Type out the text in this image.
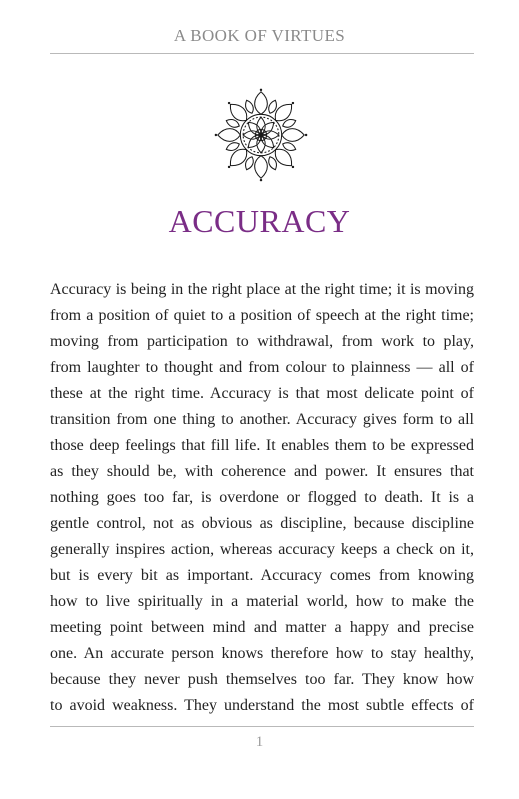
A BOOK OF VIRTUES
ACCURACY
Accuracy is being in the right place at the right time; it is moving
from a position of quiet to a position of speech at the right time;
moving from participation to withdrawal, from work to play,
from laughter to thought and from colour to plainness — all of
these at the right time. Accuracy is that most delicate point of
transition from one thing to another. Accuracy gives form to all
those deep feelings that fill life. It enables them to be expressed
as they should be, with coherence and power. It ensures that
nothing goes too far, is overdone or flogged to death. It is a
gentle control, not as obvious as discipline, because discipline
generally inspires action, whereas accuracy keeps a check on it,
but is every bit as important. Accuracy comes from knowing
how to live spiritually in a material world, how to make the
meeting point between mind and matter a happy and precise
one. An accurate person knows therefore how to stay healthy,
because they never push themselves too far. They know how
to avoid weakness. They understand the most subtle effects of
1
